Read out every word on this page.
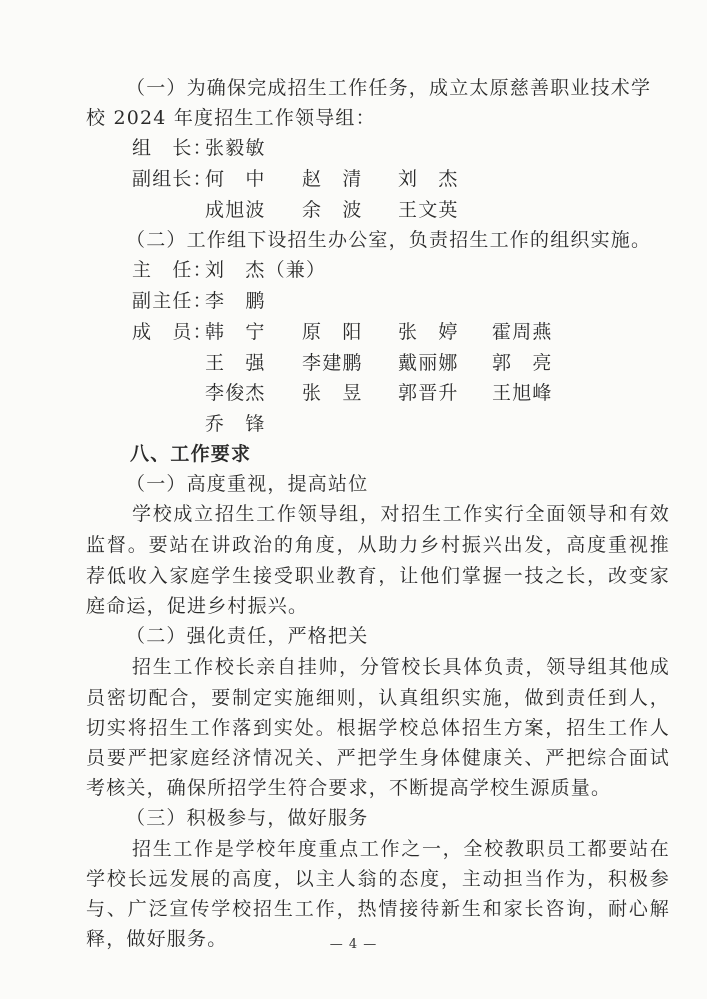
（一）为确保完成招生工作任务，成立太原慈善职业技术学
校 2024 年度招生工作领导组：
组　长：
张毅敏
副组长：
何　中 赵　清 刘　杰
成旭波 余　波 王文英
（二）工作组下设招生办公室，负责招生工作的组织实施。
主　任：
刘　杰（兼）
副主任：
李　鹏
成　员：
韩　宁 原　阳 张　婷 霍周燕
王　强 李建鹏 戴丽娜 郭　亮
李俊杰 张　昱 郭晋升 王旭峰
乔　锋
八、工作要求
（一）高度重视，提高站位
学校成立招生工作领导组，对招生工作实行全面领导和有效
监督。要站在讲政治的角度，从助力乡村振兴出发，高度重视推
荐低收入家庭学生接受职业教育，让他们掌握一技之长，改变家
庭命运，促进乡村振兴。
（二）强化责任，严格把关
招生工作校长亲自挂帅，分管校长具体负责，领导组其他成
员密切配合，要制定实施细则，认真组织实施，做到责任到人，
切实将招生工作落到实处。根据学校总体招生方案，招生工作人
员要严把家庭经济情况关、严把学生身体健康关、严把综合面试
考核关，确保所招学生符合要求，不断提高学校生源质量。
（三）积极参与，做好服务
招生工作是学校年度重点工作之一，全校教职员工都要站在
学校长远发展的高度，以主人翁的态度，主动担当作为，积极参
与、广泛宣传学校招生工作，热情接待新生和家长咨询，耐心解
释，做好服务。	— 4 —
